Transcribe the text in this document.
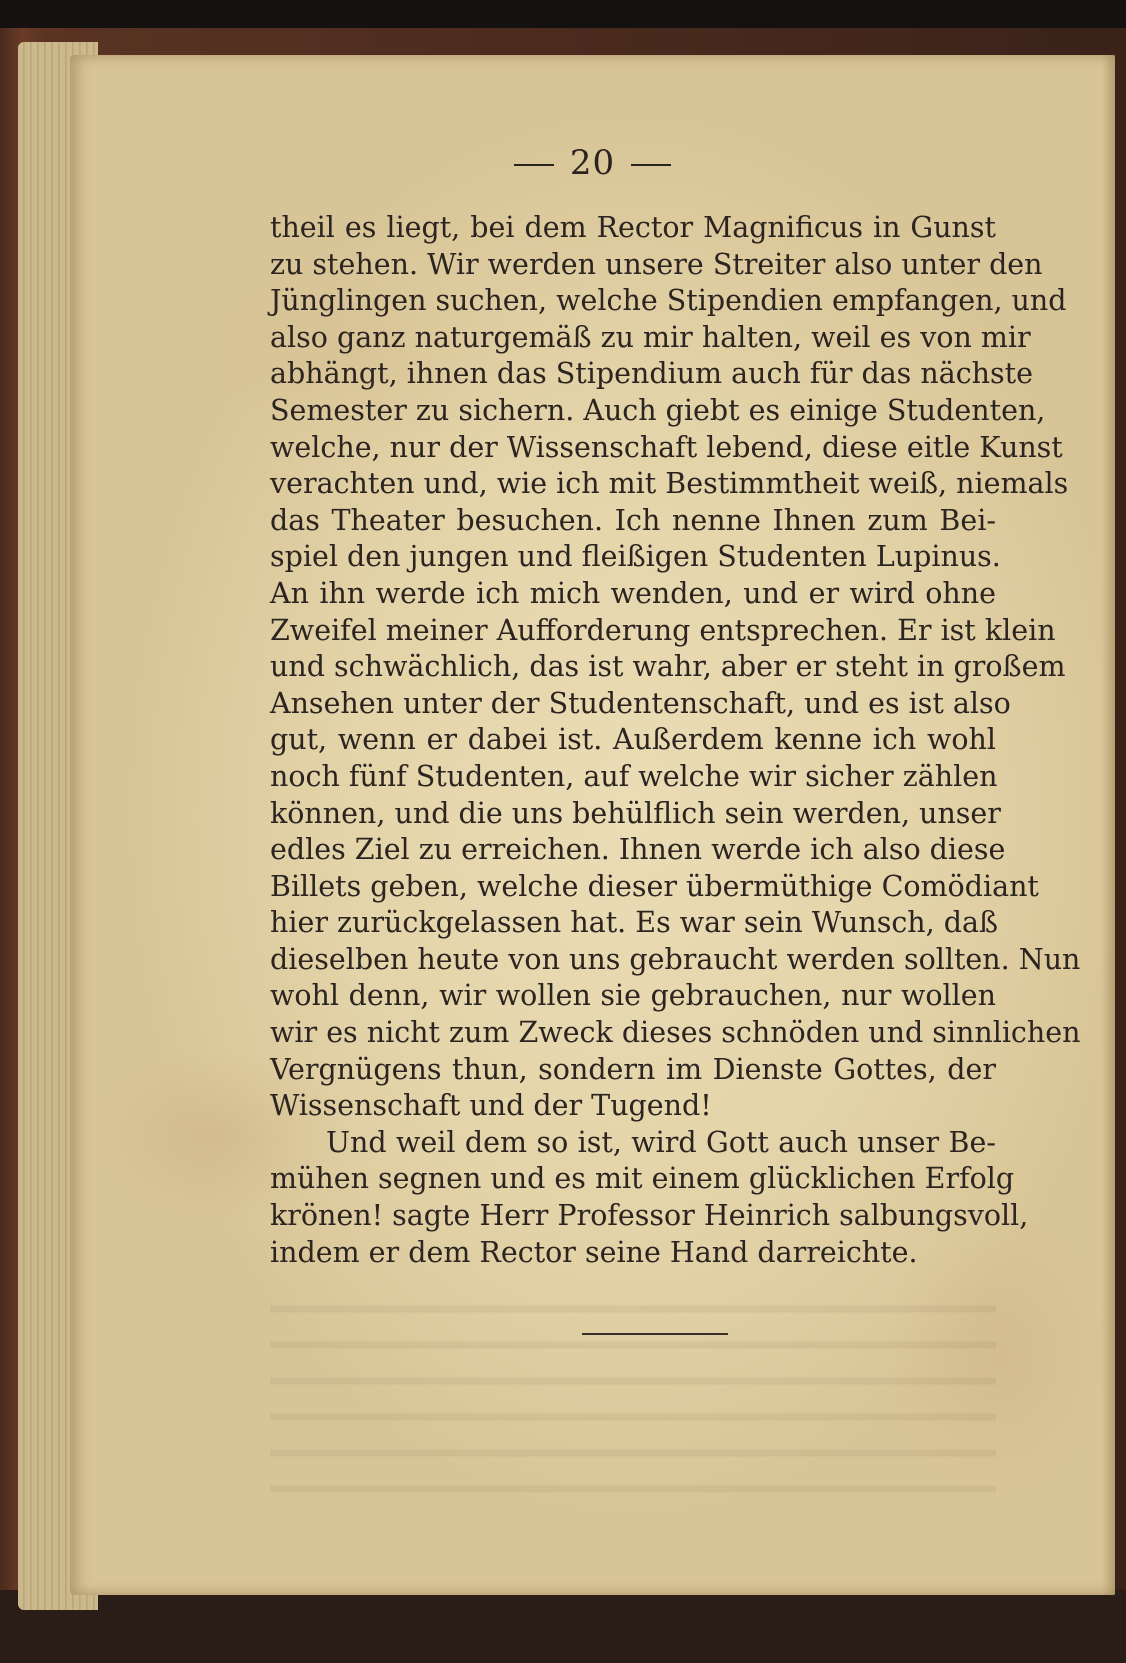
20
theil es liegt, bei dem Rector Magnificus in Gunst
zu stehen. Wir werden unsere Streiter also unter den
Jünglingen suchen, welche Stipendien empfangen, und
also ganz naturgemäß zu mir halten, weil es von mir
abhängt, ihnen das Stipendium auch für das nächste
Semester zu sichern. Auch giebt es einige Studenten,
welche, nur der Wissenschaft lebend, diese eitle Kunst
verachten und, wie ich mit Bestimmtheit weiß, niemals
das Theater besuchen. Ich nenne Ihnen zum Bei-
spiel den jungen und fleißigen Studenten Lupinus.
An ihn werde ich mich wenden, und er wird ohne
Zweifel meiner Aufforderung entsprechen. Er ist klein
und schwächlich, das ist wahr, aber er steht in großem
Ansehen unter der Studentenschaft, und es ist also
gut, wenn er dabei ist. Außerdem kenne ich wohl
noch fünf Studenten, auf welche wir sicher zählen
können, und die uns behülflich sein werden, unser
edles Ziel zu erreichen. Ihnen werde ich also diese
Billets geben, welche dieser übermüthige Comödiant
hier zurückgelassen hat. Es war sein Wunsch, daß
dieselben heute von uns gebraucht werden sollten. Nun
wohl denn, wir wollen sie gebrauchen, nur wollen
wir es nicht zum Zweck dieses schnöden und sinnlichen
Vergnügens thun, sondern im Dienste Gottes, der
Wissenschaft und der Tugend!
Und weil dem so ist, wird Gott auch unser Be-
mühen segnen und es mit einem glücklichen Erfolg
krönen! sagte Herr Professor Heinrich salbungsvoll,
indem er dem Rector seine Hand darreichte.
